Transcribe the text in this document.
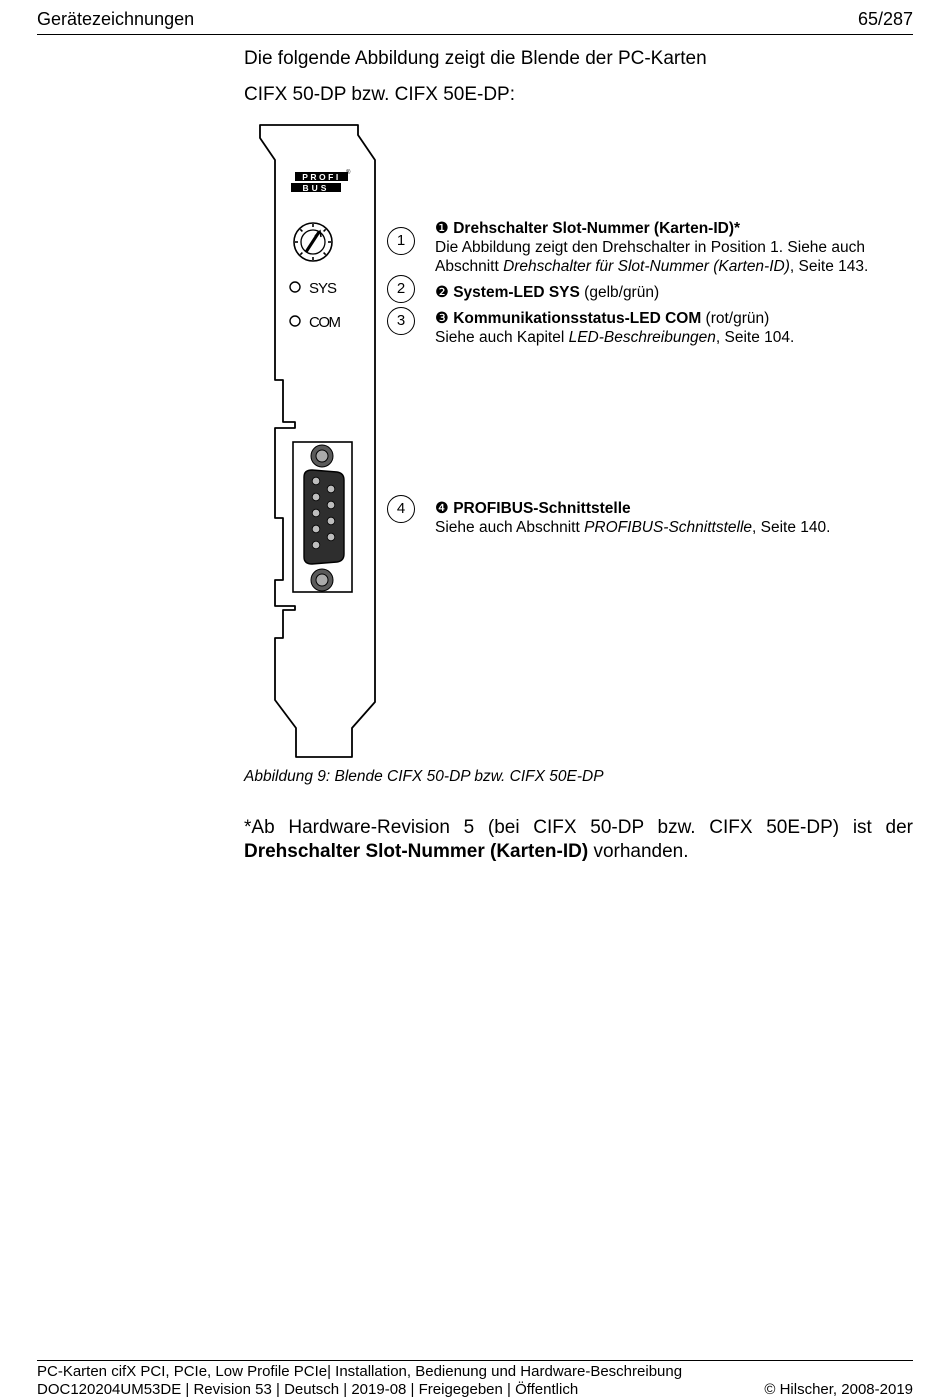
Gerätezeichnungen	65/287
Die folgende Abbildung zeigt die Blende der PC-Karten
CIFX 50-DP bzw. CIFX 50E-DP:
PROFI
BUS
®
SYS
COM
1
2
3
4
❶ Drehschalter Slot-Nummer (Karten-ID)*
Die Abbildung zeigt den Drehschalter in Position 1. Siehe auch Abschnitt Drehschalter für Slot-Nummer (Karten-ID), Seite 143.
❷ System-LED SYS (gelb/grün)
❸ Kommunikationsstatus-LED COM (rot/grün)
Siehe auch Kapitel LED-Beschreibungen, Seite 104.
❹ PROFIBUS-Schnittstelle
Siehe auch Abschnitt PROFIBUS-Schnittstelle, Seite 140.
Abbildung 9: Blende CIFX 50-DP bzw. CIFX 50E-DP
*Ab Hardware-Revision 5 (bei CIFX 50-DP bzw. CIFX 50E-DP) ist der Drehschalter Slot-Nummer (Karten-ID) vorhanden.
PC-Karten cifX PCI, PCIe, Low Profile PCIe| Installation, Bedienung und Hardware-Beschreibung
DOC120204UM53DE | Revision 53 | Deutsch | 2019-08 | Freigegeben | Öffentlich	© Hilscher, 2008-2019
